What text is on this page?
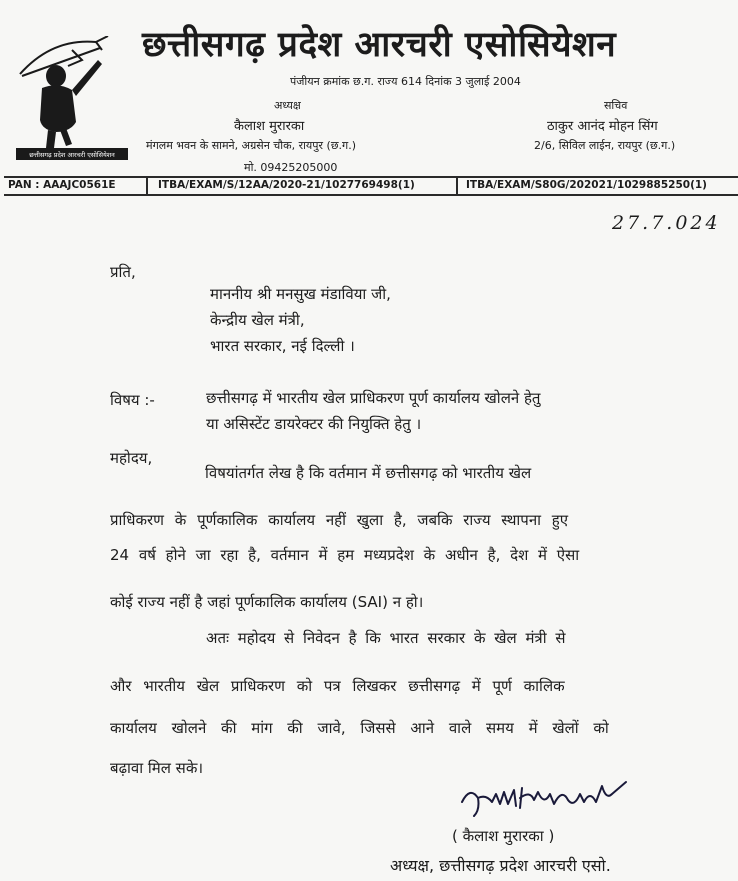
छत्तीसगढ़ प्रदेश आरचरी एसोसियेशन
छत्तीसगढ़ प्रदेश आरचरी एसोसियेशन
पंजीयन क्रमांक छ.ग. राज्य 614 दिनांक 3 जुलाई 2004
अध्यक्ष
कैलाश मुरारका
मंगलम भवन के सामने, अग्रसेन चौक, रायपुर (छ.ग.)
मो. 09425205000
सचिव
ठाकुर आनंद मोहन सिंग
2/6, सिविल लाईन, रायपुर (छ.ग.)
PAN : AAAJC0561E	ITBA/EXAM/S/12AA/2020-21/1027769498(1)	ITBA/EXAM/S80G/202021/1029885250(1)
27.7.024
प्रति,
माननीय श्री मनसुख मंडाविया जी,
केन्द्रीय खेल मंत्री,
भारत सरकार, नई दिल्ली ।
विषय :-	छत्तीसगढ़ में भारतीय खेल प्राधिकरण पूर्ण कार्यालय खोलने हेतु
या असिस्टेंट डायरेक्टर की नियुक्ति हेतु ।
महोदय,
विषयांतर्गत लेख है कि वर्तमान में छत्तीसगढ़ को भारतीय खेल
प्राधिकरण के पूर्णकालिक कार्यालय नहीं खुला है, जबकि राज्य स्थापना हुए
24 वर्ष होने जा रहा है, वर्तमान में हम मध्यप्रदेश के अधीन है, देश में ऐसा
कोई राज्य नहीं है जहां पूर्णकालिक कार्यालय (SAI) न हो।
अतः महोदय से निवेदन है कि भारत सरकार के खेल मंत्री से
और भारतीय खेल प्राधिकरण को पत्र लिखकर छत्तीसगढ़ में पूर्ण कालिक
कार्यालय खोलने की मांग की जावे, जिससे आने वाले समय में खेलों को
बढ़ावा मिल सके।
( कैलाश मुरारका )
अध्यक्ष, छत्तीसगढ़ प्रदेश आरचरी एसो.
